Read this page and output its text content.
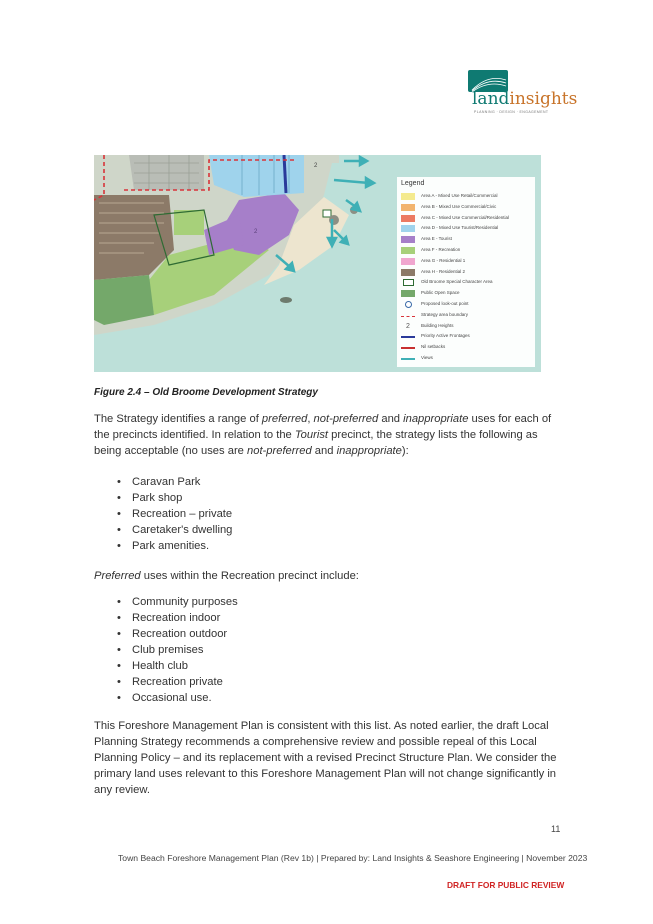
landinsights
PLANNING · DESIGN · ENGAGEMENT
2
2
Legend
Area A - Mixed Use Retail/Commercial
Area B - Mixed Use Commercial/Civic
Area C - Mixed Use Commercial/Residential
Area D - Mixed Use Tourist/Residential
Area E - Tourist
Area F - Recreation
Area G - Residential 1
Area H - Residential 2
Old Broome Special Character Area
Public Open Space
Proposed look-out point
Strategy area boundary
2	Building Heights
Priority Active Frontages
Nil setbacks
Views
Figure 2.4 – Old Broome Development Strategy
The Strategy identifies a range of preferred, not-preferred and inappropriate uses for each of the precincts identified. In relation to the Tourist precinct, the strategy lists the following as being acceptable (no uses are not-preferred and inappropriate):
• Caravan Park
• Park shop
• Recreation – private
• Caretaker's dwelling
• Park amenities.
Preferred uses within the Recreation precinct include:
• Community purposes
• Recreation indoor
• Recreation outdoor
• Club premises
• Health club
• Recreation private
• Occasional use.
This Foreshore Management Plan is consistent with this list. As noted earlier, the draft Local Planning Strategy recommends a comprehensive review and possible repeal of this Local Planning Policy – and its replacement with a revised Precinct Structure Plan. We consider the primary land uses relevant to this Foreshore Management Plan will not change significantly in any review.
11
Town Beach Foreshore Management Plan (Rev 1b) | Prepared by: Land Insights & Seashore Engineering | November 2023
DRAFT FOR PUBLIC REVIEW
